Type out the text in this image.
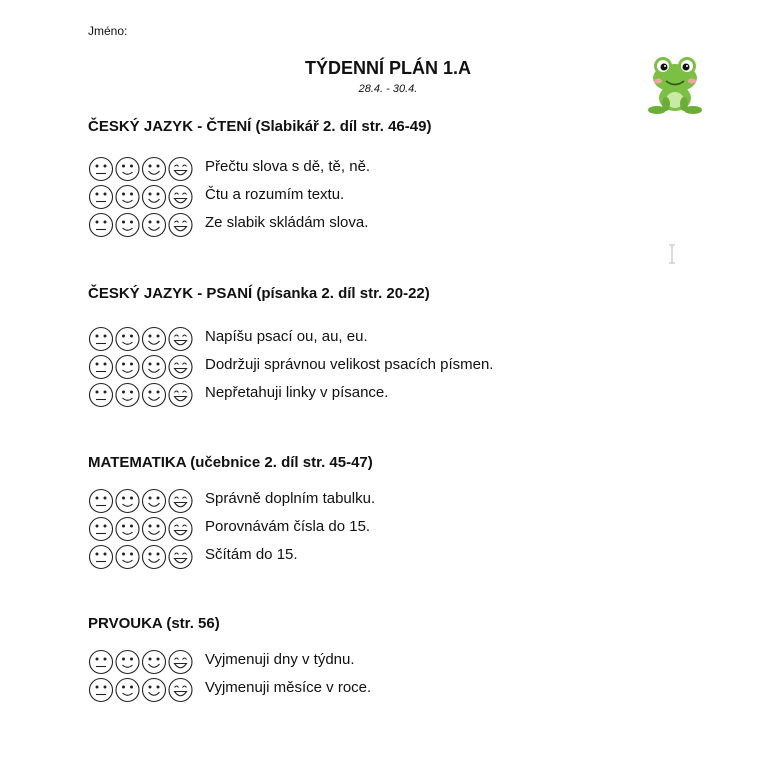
Jméno:
TÝDENNÍ PLÁN 1.A
28.4. - 30.4.
ČESKÝ JAZYK - ČTENÍ (Slabikář 2. díl str. 46-49)
Přečtu slova s dě, tě, ně.
Čtu a rozumím textu.
Ze slabik skládám slova.
ČESKÝ JAZYK - PSANÍ (písanka 2. díl str. 20-22)
Napíšu psací ou, au, eu.
Dodržuji správnou velikost psacích písmen.
Nepřetahuji linky v písance.
MATEMATIKA (učebnice 2. díl str. 45-47)
Správně doplním tabulku.
Porovnávám čísla do 15.
Sčítám do 15.
PRVOUKA (str. 56)
Vyjmenuji dny v týdnu.
Vyjmenuji měsíce v roce.
